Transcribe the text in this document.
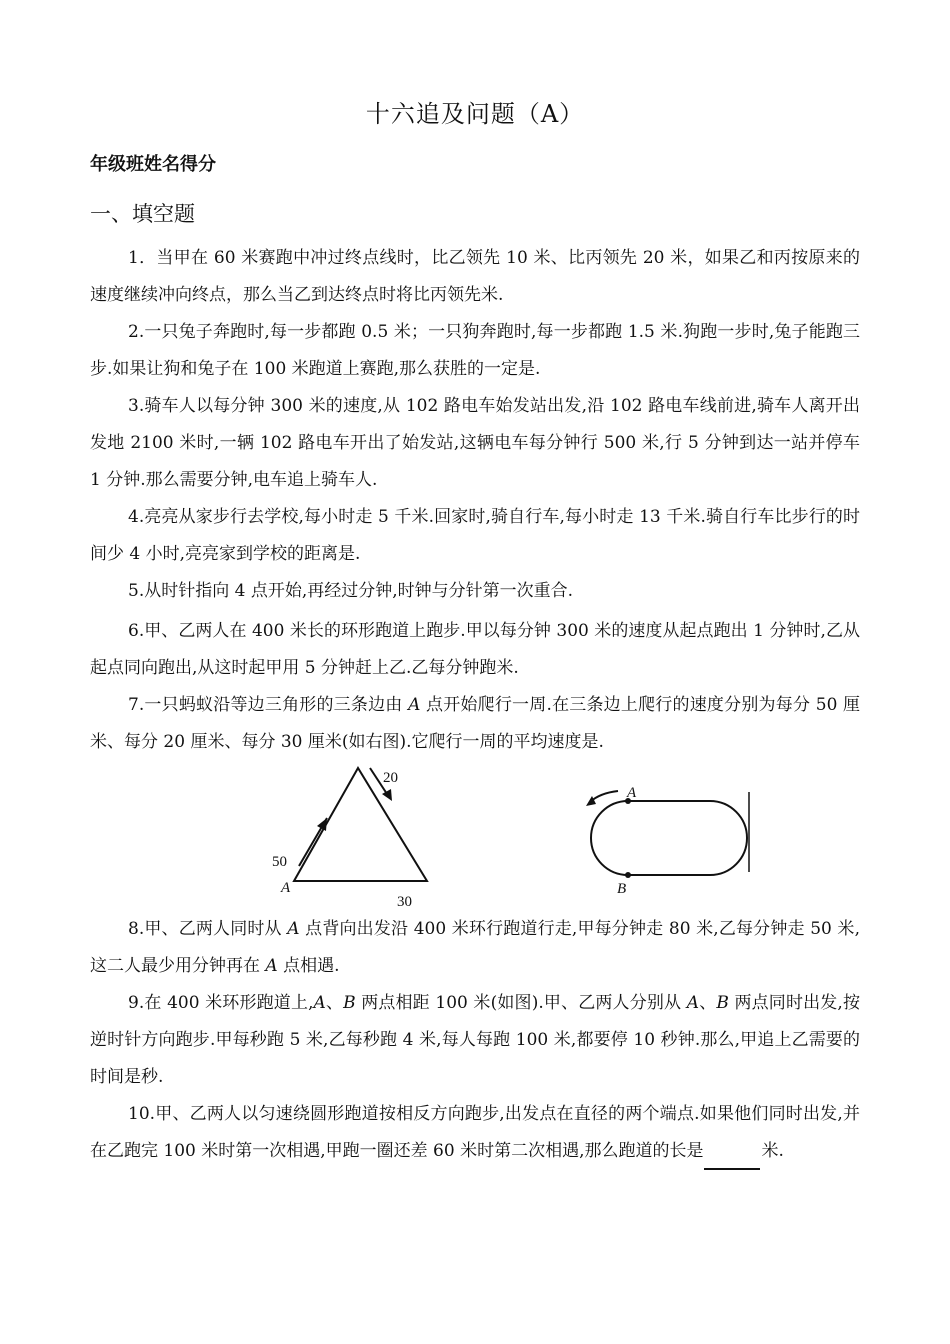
十六追及问题（A）
年级班姓名得分
一、填空题
1．当甲在 60 米赛跑中冲过终点线时，比乙领先 10 米、比丙领先 20 米，如果乙和丙按原来的速度继续冲向终点，那么当乙到达终点时将比丙领先米.
2.一只兔子奔跑时,每一步都跑 0.5 米；一只狗奔跑时,每一步都跑 1.5 米.狗跑一步时,兔子能跑三步.如果让狗和兔子在 100 米跑道上赛跑,那么获胜的一定是.
3.骑车人以每分钟 300 米的速度,从 102 路电车始发站出发,沿 102 路电车线前进,骑车人离开出发地 2100 米时,一辆 102 路电车开出了始发站,这辆电车每分钟行 500 米,行 5 分钟到达一站并停车 1 分钟.那么需要分钟,电车追上骑车人.
4.亮亮从家步行去学校,每小时走 5 千米.回家时,骑自行车,每小时走 13 千米.骑自行车比步行的时间少 4 小时,亮亮家到学校的距离是.
5.从时针指向 4 点开始,再经过分钟,时钟与分针第一次重合.
6.甲、乙两人在 400 米长的环形跑道上跑步.甲以每分钟 300 米的速度从起点跑出 1 分钟时,乙从起点同向跑出,从这时起甲用 5 分钟赶上乙.乙每分钟跑米.
7.一只蚂蚁沿等边三角形的三条边由 A 点开始爬行一周.在三条边上爬行的速度分别为每分 50 厘米、每分 20 厘米、每分 30 厘米(如右图).它爬行一周的平均速度是.
50
20
30
A
A
B
8.甲、乙两人同时从 A 点背向出发沿 400 米环行跑道行走,甲每分钟走 80 米,乙每分钟走 50 米,这二人最少用分钟再在 A 点相遇.
9.在 400 米环形跑道上,A、B 两点相距 100 米(如图).甲、乙两人分别从 A、B 两点同时出发,按逆时针方向跑步.甲每秒跑 5 米,乙每秒跑 4 米,每人每跑 100 米,都要停 10 秒钟.那么,甲追上乙需要的时间是秒.
10.甲、乙两人以匀速绕圆形跑道按相反方向跑步,出发点在直径的两个端点.如果他们同时出发,并在乙跑完 100 米时第一次相遇,甲跑一圈还差 60 米时第二次相遇,那么跑道的长是	米.
